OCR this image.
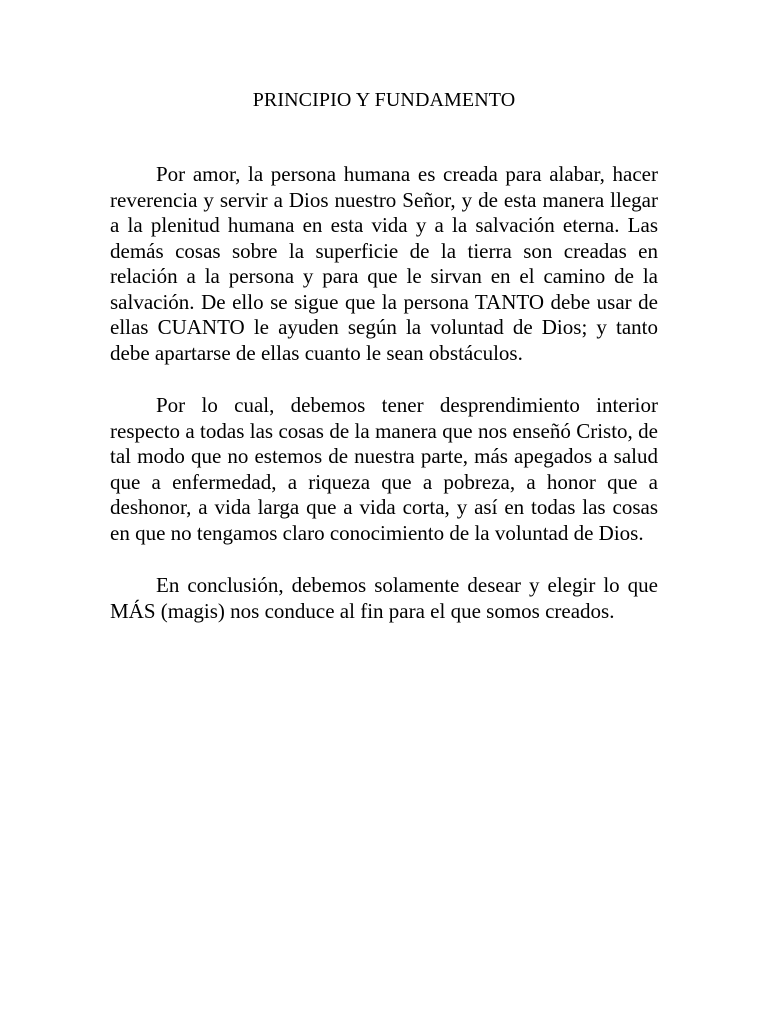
PRINCIPIO Y FUNDAMENTO

Por amor, la persona humana es creada para alabar, hacer reverencia y servir a Dios nuestro Señor, y de esta manera llegar a la plenitud humana en esta vida y a la salvación eterna. Las demás cosas sobre la superficie de la tierra son creadas en relación a la persona y para que le sirvan en el camino de la salvación. De ello se sigue que la persona TANTO debe usar de ellas CUANTO le ayuden según la voluntad de Dios; y tanto debe apartarse de ellas cuanto le sean obstáculos.

Por lo cual, debemos tener desprendimiento interior respecto a todas las cosas de la manera que nos enseñó Cristo, de tal modo que no estemos de nuestra parte, más apegados a salud que a enfermedad, a riqueza que a pobreza, a honor que a deshonor, a vida larga que a vida corta, y así en todas las cosas en que no tengamos claro conocimiento de la voluntad de Dios.

En conclusión, debemos solamente desear y elegir lo que MÁS (magis) nos conduce al fin para el que somos creados.
